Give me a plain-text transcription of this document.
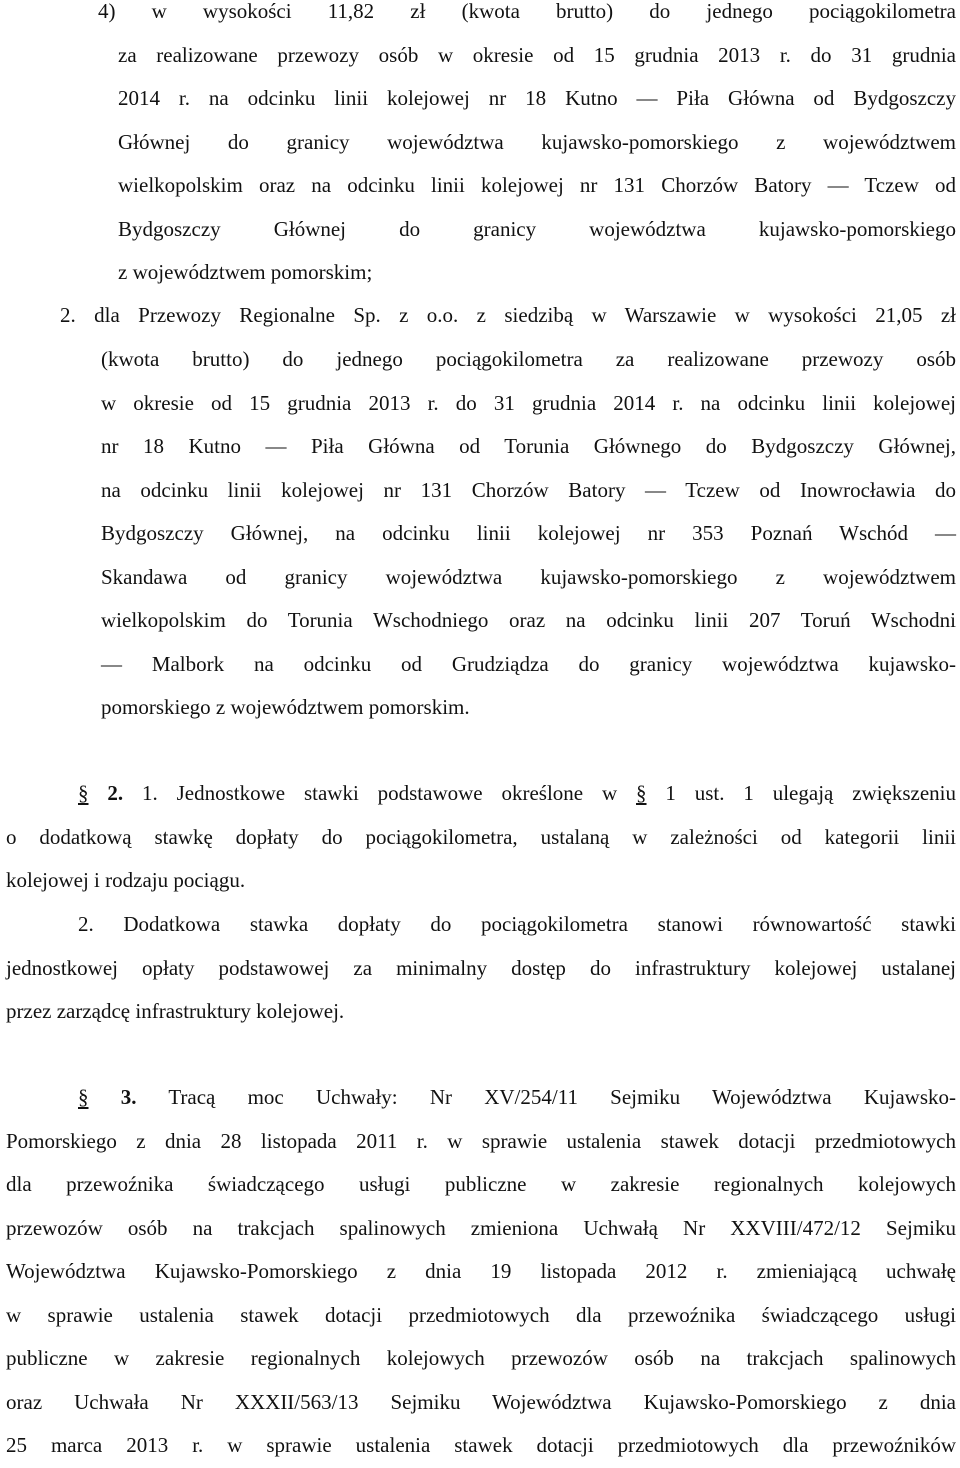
4) w wysokości 11,82 zł (kwota brutto) do jednego pociągokilometra
za realizowane przewozy osób w okresie od 15 grudnia 2013 r. do 31 grudnia
2014 r. na odcinku linii kolejowej nr 18 Kutno — Piła Główna od Bydgoszczy
Głównej do granicy województwa kujawsko-pomorskiego z województwem
wielkopolskim oraz na odcinku linii kolejowej nr 131 Chorzów Batory — Tczew od
Bydgoszczy Głównej do granicy województwa kujawsko-pomorskiego
z województwem pomorskim;
2. dla Przewozy Regionalne Sp. z o.o. z siedzibą w Warszawie w wysokości 21,05 zł
(kwota brutto) do jednego pociągokilometra za realizowane przewozy osób
w okresie od 15 grudnia 2013 r. do 31 grudnia 2014 r. na odcinku linii kolejowej
nr 18 Kutno — Piła Główna od Torunia Głównego do Bydgoszczy Głównej,
na odcinku linii kolejowej nr 131 Chorzów Batory — Tczew od Inowrocławia do
Bydgoszczy Głównej, na odcinku linii kolejowej nr 353 Poznań Wschód —
Skandawa od granicy województwa kujawsko-pomorskiego z województwem
wielkopolskim do Torunia Wschodniego oraz na odcinku linii 207 Toruń Wschodni
— Malbork na odcinku od Grudziądza do granicy województwa kujawsko-
pomorskiego z województwem pomorskim.
§ 2. 1. Jednostkowe stawki podstawowe określone w § 1 ust. 1 ulegają zwiększeniu
o dodatkową stawkę dopłaty do pociągokilometra, ustalaną w zależności od kategorii linii
kolejowej i rodzaju pociągu.
2. Dodatkowa stawka dopłaty do pociągokilometra stanowi równowartość stawki
jednostkowej opłaty podstawowej za minimalny dostęp do infrastruktury kolejowej ustalanej
przez zarządcę infrastruktury kolejowej.
§ 3. Tracą moc Uchwały: Nr XV/254/11 Sejmiku Województwa Kujawsko-
Pomorskiego z dnia 28 listopada 2011 r. w sprawie ustalenia stawek dotacji przedmiotowych
dla przewoźnika świadczącego usługi publiczne w zakresie regionalnych kolejowych
przewozów osób na trakcjach spalinowych zmieniona Uchwałą Nr XXVIII/472/12 Sejmiku
Województwa Kujawsko-Pomorskiego z dnia 19 listopada 2012 r. zmieniającą uchwałę
w sprawie ustalenia stawek dotacji przedmiotowych dla przewoźnika świadczącego usługi
publiczne w zakresie regionalnych kolejowych przewozów osób na trakcjach spalinowych
oraz Uchwała Nr XXXII/563/13 Sejmiku Województwa Kujawsko-Pomorskiego z dnia
25 marca 2013 r. w sprawie ustalenia stawek dotacji przedmiotowych dla przewoźników
